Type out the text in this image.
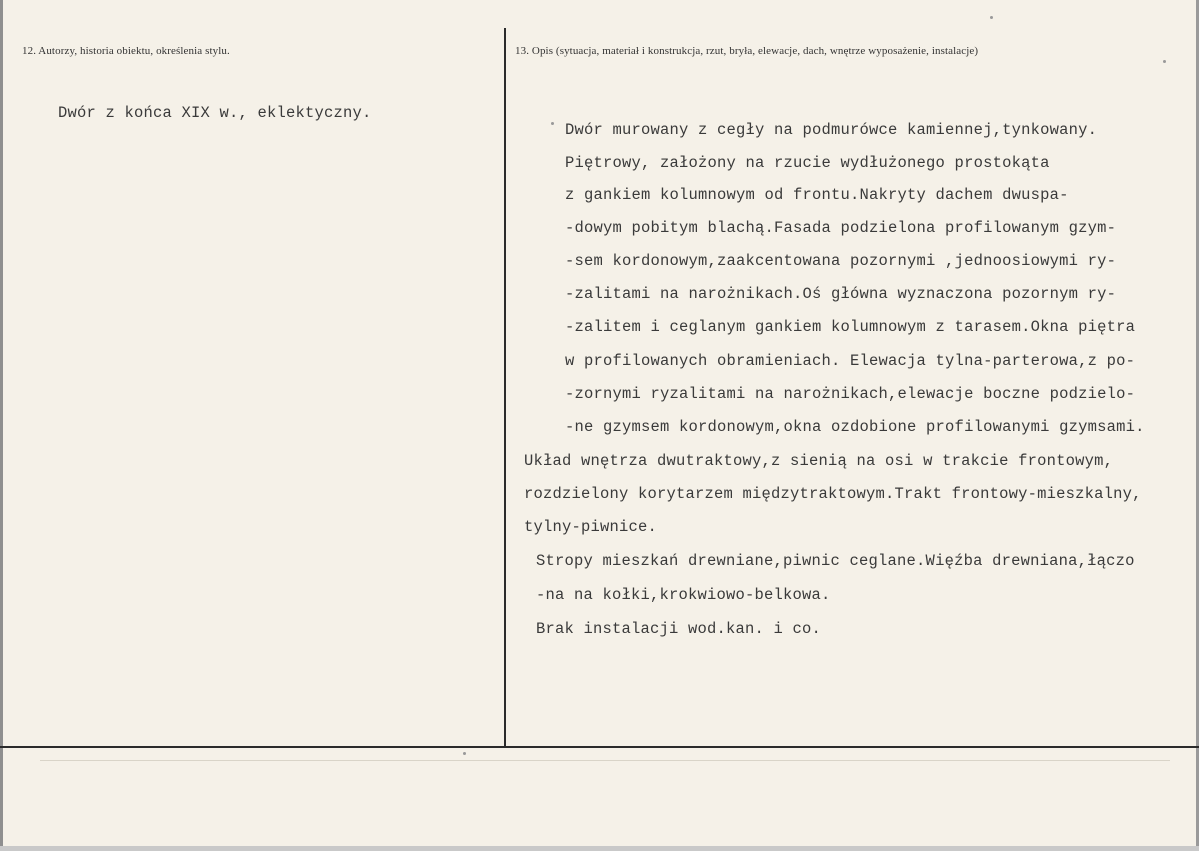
12. Autorzy, historia obiektu, określenia stylu.	13. Opis (sytuacja, materiał i konstrukcja, rzut, bryła, elewacje, dach, wnętrze wyposażenie, instalacje)
Dwór z końca XIX w., eklektyczny.
Dwór murowany z cegły na podmurówce kamiennej,tynkowany.
Piętrowy, założony na rzucie wydłużonego prostokąta
z gankiem kolumnowym od frontu.Nakryty dachem dwuspa-
-dowym pobitym blachą.Fasada podzielona profilowanym gzym-
-sem kordonowym,zaakcentowana pozornymi ,jednoosiowymi ry-
-zalitami na narożnikach.Oś główna wyznaczona pozornym ry-
-zalitem i ceglanym gankiem kolumnowym z tarasem.Okna piętra
w profilowanych obramieniach. Elewacja tylna-parterowa,z po-
-zornymi ryzalitami na narożnikach,elewacje boczne podzielo-
-ne gzymsem kordonowym,okna ozdobione profilowanymi gzymsami.
Układ wnętrza dwutraktowy,z sienią na osi w trakcie frontowym,
rozdzielony korytarzem międzytraktowym.Trakt frontowy-mieszkalny,
tylny-piwnice.
Stropy mieszkań drewniane,piwnic ceglane.Więźba drewniana,łączo
-na na kołki,krokwiowo-belkowa.
Brak instalacji wod.kan. i co.
